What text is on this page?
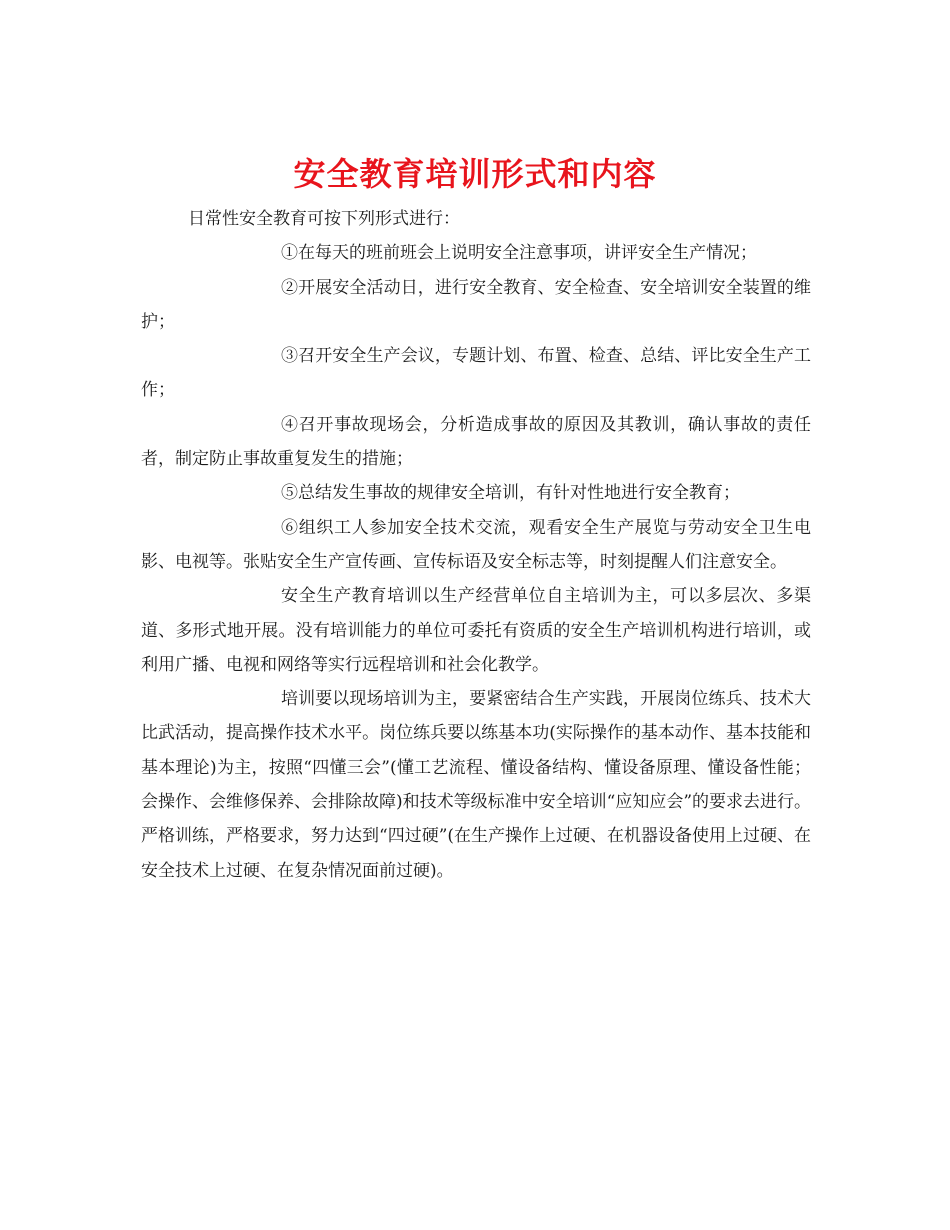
安全教育培训形式和内容

日常性安全教育可按下列形式进行：

①在每天的班前班会上说明安全注意事项，讲评安全生产情况；

②开展安全活动日，进行安全教育、安全检查、安全培训安全装置的维护；

③召开安全生产会议，专题计划、布置、检查、总结、评比安全生产工作；

④召开事故现场会，分析造成事故的原因及其教训，确认事故的责任者，制定防止事故重复发生的措施；

⑤总结发生事故的规律安全培训，有针对性地进行安全教育；

⑥组织工人参加安全技术交流，观看安全生产展览与劳动安全卫生电影、电视等。张贴安全生产宣传画、宣传标语及安全标志等，时刻提醒人们注意安全。

安全生产教育培训以生产经营单位自主培训为主，可以多层次、多渠道、多形式地开展。没有培训能力的单位可委托有资质的安全生产培训机构进行培训，或利用广播、电视和网络等实行远程培训和社会化教学。

培训要以现场培训为主，要紧密结合生产实践，开展岗位练兵、技术大比武活动，提高操作技术水平。岗位练兵要以练基本功(实际操作的基本动作、基本技能和基本理论)为主，按照“四懂三会”(懂工艺流程、懂设备结构、懂设备原理、懂设备性能；会操作、会维修保养、会排除故障)和技术等级标准中安全培训“应知应会”的要求去进行。严格训练，严格要求，努力达到“四过硬”(在生产操作上过硬、在机器设备使用上过硬、在安全技术上过硬、在复杂情况面前过硬)。
